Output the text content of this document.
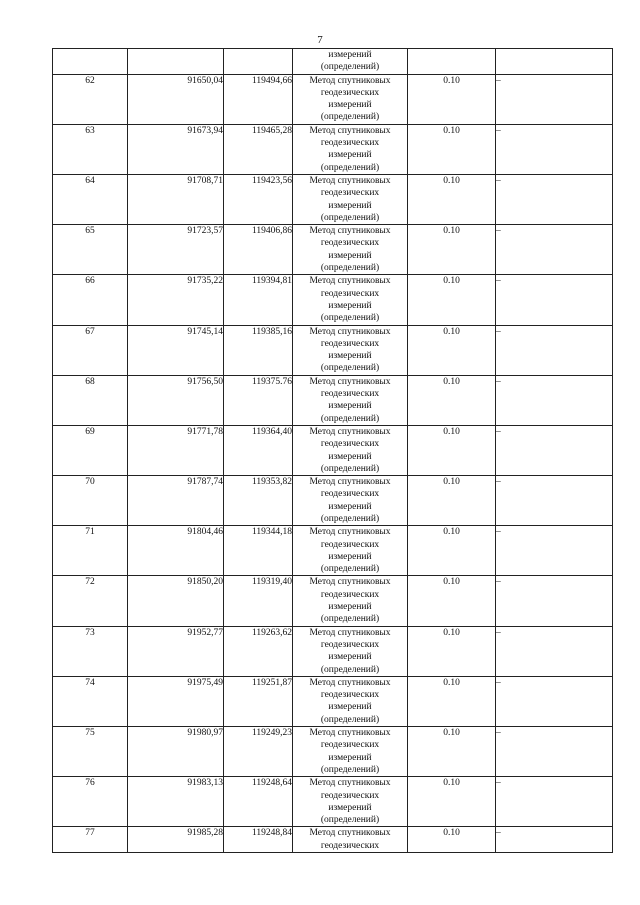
7

			измерений
(определений)		

62	91650,04	119494,66	Метод спутниковых
геодезических
измерений
(определений)	0.10	–
63	91673,94	119465,28	Метод спутниковых
геодезических
измерений
(определений)	0.10	–
64	91708,71	119423,56	Метод спутниковых
геодезических
измерений
(определений)	0.10	–
65	91723,57	119406,86	Метод спутниковых
геодезических
измерений
(определений)	0.10	–
66	91735,22	119394,81	Метод спутниковых
геодезических
измерений
(определений)	0.10	–
67	91745,14	119385,16	Метод спутниковых
геодезических
измерений
(определений)	0.10	–
68	91756,50	119375.76	Метод спутниковых
геодезических
измерений
(определений)	0.10	–
69	91771,78	119364,40	Метод спутниковых
геодезических
измерений
(определений)	0.10	–
70	91787,74	119353,82	Метод спутниковых
геодезических
измерений
(определений)	0.10	–
71	91804,46	119344,18	Метод спутниковых
геодезических
измерений
(определений)	0.10	–
72	91850,20	119319,40	Метод спутниковых
геодезических
измерений
(определений)	0.10	–
73	91952,77	119263,62	Метод спутниковых
геодезических
измерений
(определений)	0.10	–
74	91975,49	119251,87	Метод спутниковых
геодезических
измерений
(определений)	0.10	–
75	91980,97	119249,23	Метод спутниковых
геодезических
измерений
(определений)	0.10	–
76	91983,13	119248,64	Метод спутниковых
геодезических
измерений
(определений)	0.10	–
77	91985,28	119248,84	Метод спутниковых
геодезических	0.10	–
